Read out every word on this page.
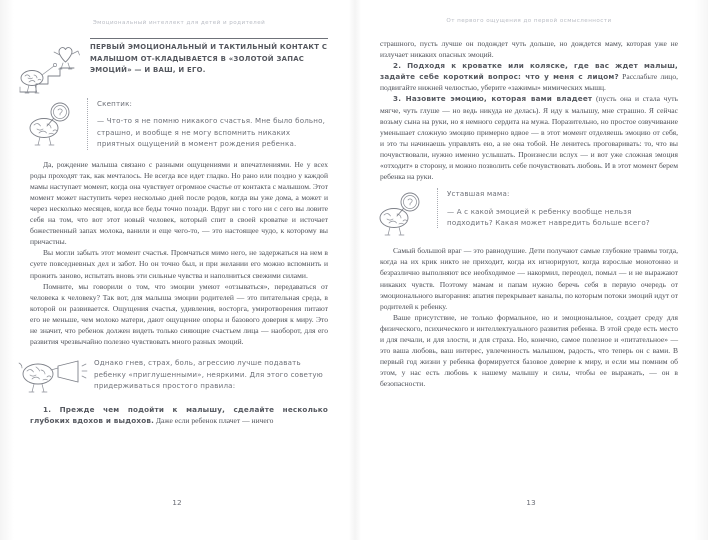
Эмоциональный интеллект для детей и родителей
ПЕРВЫЙ ЭМОЦИОНАЛЬНЫЙ И ТАКТИЛЬНЫЙ КОНТАКТ С МАЛЫШОМ ОТ-КЛАДЫВАЕТСЯ В «ЗОЛОТОЙ ЗАПАС ЭМОЦИЙ» — И ВАШ, И ЕГО.
Скептик:
— Что-то я не помню никакого счастья. Мне было больно, страшно, и вообще я не могу вспомнить никаких приятных ощущений в момент рождения ребенка.

Да, рождение малыша связано с разными ощущениями и впечатлениями. Не у всех роды проходят так, как мечталось. Не всегда все идет гладко. Но рано или поздно у каждой мамы наступает момент, когда она чувствует огромное счастье от контакта с малышом. Этот момент может наступить через несколько дней после родов, когда вы уже дома, а может и через несколько месяцев, когда все беды точно позади. Вдруг ни с того ни с сего вы ловите себя на том, что вот этот новый человек, который спит в своей кроватке и источает божественный запах молока, ванили и еще чего-то, — это настоящее чудо, к которому вы причастны.

Вы могли забыть этот момент счастья. Промчаться мимо него, не задержаться на нем в суете повседневных дел и забот. Но он точно был, и при желании его можно вспомнить и прожить заново, испытать вновь эти сильные чувства и наполниться свежими силами.

Помните, мы говорили о том, что эмоции умеют «отзываться», передаваться от человека к человеку? Так вот, для малыша эмоции родителей — это питательная среда, в которой он развивается. Ощущения счастья, удивления, восторга, умиротворения питают его не меньше, чем молоко матери, дают ощущение опоры и базового доверия к миру. Это не значит, что ребенок должен видеть только сияющие счастьем лица — наоборот, для его развития чрезвычайно полезно чувствовать много разных эмоций.

Однако гнев, страх, боль, агрессию лучше подавать ребенку «приглушенными», неяркими. Для этого советую придерживаться простого правила:

1. Прежде чем подойти к малышу, сделайте несколько глубоких вдохов и выдохов. Даже если ребенок плачет — ничего

12
От первого ощущения до первой осмысленности

страшного, пусть лучше он подождет чуть дольше, но дождется маму, которая уже не излучает никаких опасных эмоций.

2. Подходя к кроватке или коляске, где вас ждет малыш, задайте себе короткий вопрос: что у меня с лицом? Расслабьте лицо, подвигайте нижней челюстью, уберите «зажимы» мимических мышц.

3. Назовите эмоцию, которая вами владеет (пусть она и стала чуть мягче, чуть глуше — но ведь никуда не делась). Я иду к малышу, мне страшно. Я сейчас возьму сына на руки, но я немного сердита на мужа. Поразительно, но простое озвучивание уменьшает сложную эмоцию примерно вдвое — в этот момент отделяешь эмоцию от себя, и это ты начинаешь управлять ею, а не она тобой. Не ленитесь проговаривать: то, что вы почувствовали, нужно именно услышать. Произнесли вслух — и вот уже сложная эмоция «отходит» в сторону, и можно позволить себе почувствовать любовь. И в этот момент берем ребенка на руки.

Уставшая мама:
— А с какой эмоцией к ребенку вообще нельзя подходить? Какая может навредить больше всего?

Самый большой враг — это равнодушие. Дети получают самые глубокие травмы тогда, когда на их крик никто не приходит, когда их игнорируют, когда взрослые монотонно и безразлично выполняют все необходимое — накормил, переодел, помыл — и не выражают никаких чувств. Поэтому мамам и папам нужно беречь себя в первую очередь от эмоционального выгорания: апатия перекрывает каналы, по которым потоки эмоций идут от родителей к ребенку.

Ваше присутствие, не только формальное, но и эмоциональное, создает среду для физического, психического и интеллектуального развития ребенка. В этой среде есть место и для печали, и для злости, и для страха. Но, конечно, самое полезное и «питательное» — это ваша любовь, ваш интерес, увлеченность малышом, радость, что теперь он с вами. В первый год жизни у ребенка формируется базовое доверие к миру, и если мы помним об этом, у нас есть любовь к нашему малышу и силы, чтобы ее выражать, — он в безопасности.

13
